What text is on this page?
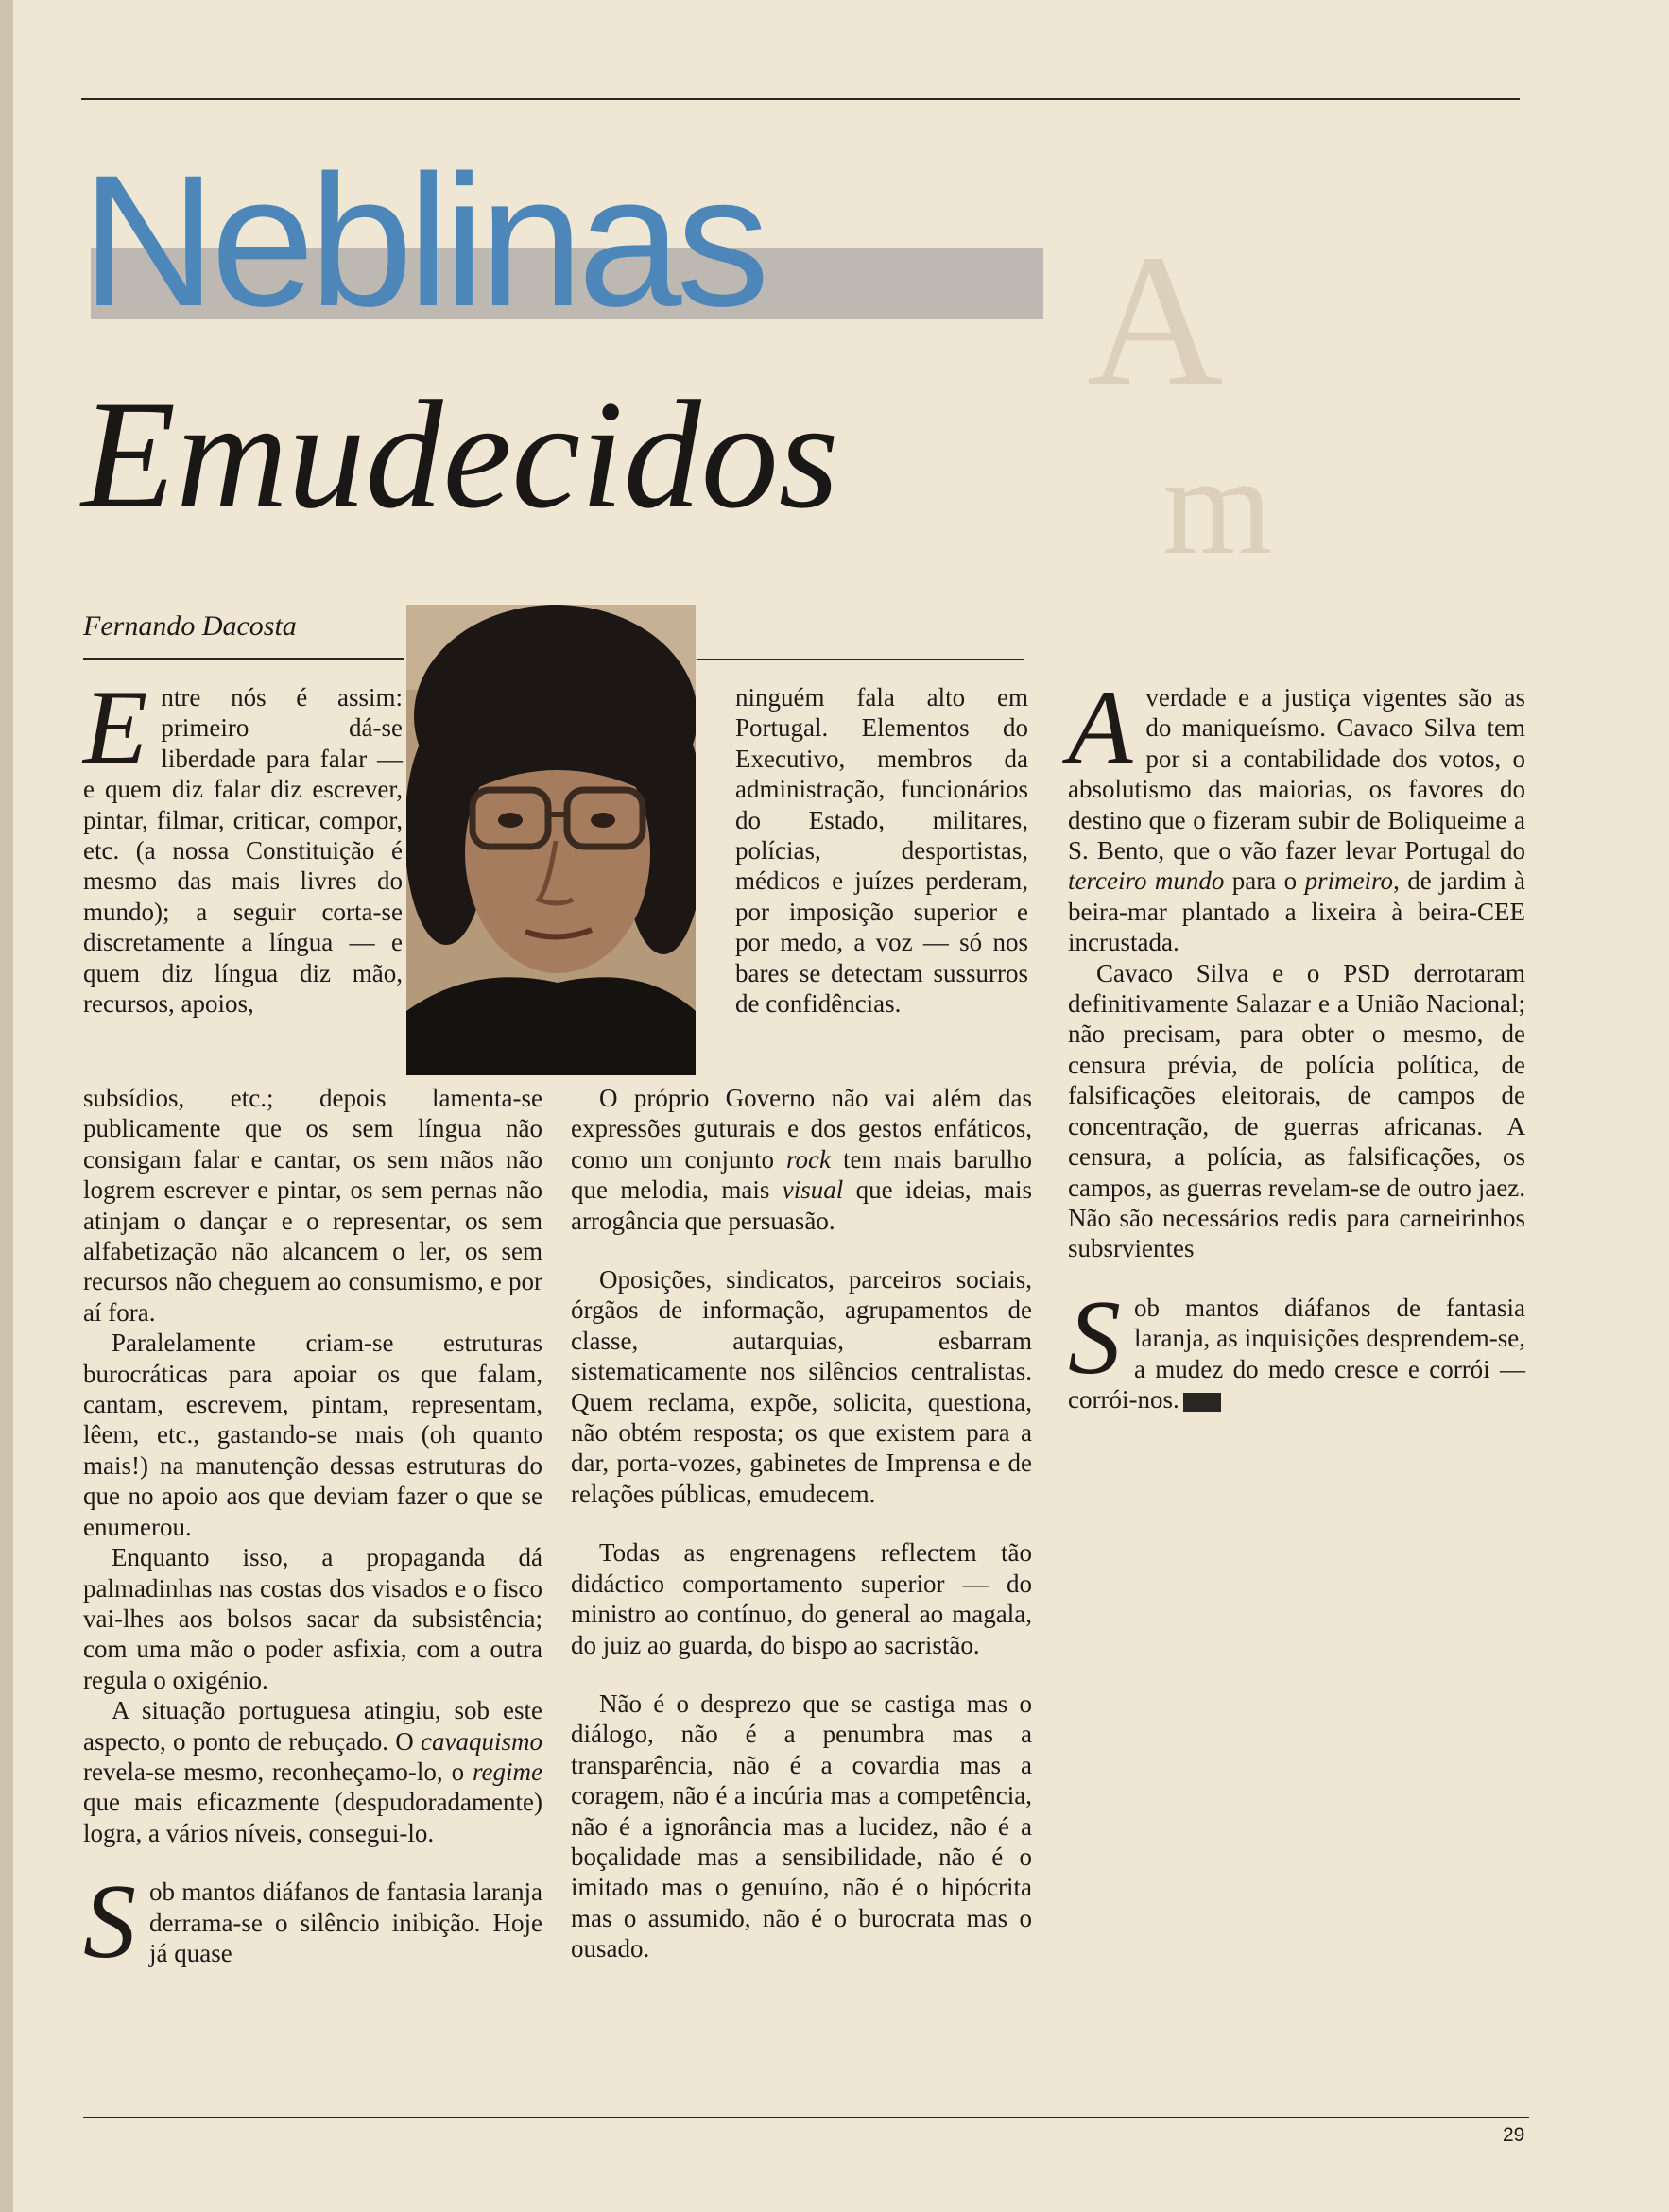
A
m
Neblinas
Emudecidos
Fernando Dacosta
E ntre nós é assim: primeiro dá-se liberdade para falar — e quem diz falar diz escrever, pintar, filmar, criticar, compor, etc. (a nossa Constituição é mesmo das mais livres do mundo); a seguir corta-se discretamente a língua — e quem diz língua diz mão, recursos, apoios,

subsídios, etc.; depois lamenta-se publicamente que os sem língua não consigam falar e cantar, os sem mãos não logrem escrever e pintar, os sem pernas não atinjam o dançar e o representar, os sem alfabetização não alcancem o ler, os sem recursos não cheguem ao consumismo, e por aí fora.

Paralelamente criam-se estruturas burocráticas para apoiar os que falam, cantam, escrevem, pintam, representam, lêem, etc., gastando-se mais (oh quanto mais!) na manutenção dessas estruturas do que no apoio aos que deviam fazer o que se enumerou.

Enquanto isso, a propaganda dá palmadinhas nas costas dos visados e o fisco vai-lhes aos bolsos sacar da subsistência; com uma mão o poder asfixia, com a outra regula o oxigénio.

A situação portuguesa atingiu, sob este aspecto, o ponto de rebuçado. O cavaquismo revela-se mesmo, reconheçamo-lo, o regime que mais eficazmente (despudoradamente) logra, a vários níveis, consegui-lo.

Sob mantos diáfanos de fantasia laranja derrama-se o silêncio inibição. Hoje já quase

ninguém fala alto em Portugal. Elementos do Executivo, membros da administração, funcionários do Estado, militares, polícias, desportistas, médicos e juízes perderam, por imposição superior e por medo, a voz — só nos bares se detectam sussurros de confidências.

O próprio Governo não vai além das expressões guturais e dos gestos enfáticos, como um conjunto rock tem mais barulho que melodia, mais visual que ideias, mais arrogância que persuasão.

Oposições, sindicatos, parceiros sociais, órgãos de informação, agrupamentos de classe, autarquias, esbarram sistematicamente nos silêncios centralistas. Quem reclama, expõe, solicita, questiona, não obtém resposta; os que existem para a dar, porta-vozes, gabinetes de Imprensa e de relações públicas, emudecem.

Todas as engrenagens reflectem tão didáctico comportamento superior — do ministro ao contínuo, do general ao magala, do juiz ao guarda, do bispo ao sacristão.

Não é o desprezo que se castiga mas o diálogo, não é a penumbra mas a transparência, não é a covardia mas a coragem, não é a incúria mas a competência, não é a ignorância mas a lucidez, não é a boçalidade mas a sensibilidade, não é o imitado mas o genuíno, não é o hipócrita mas o assumido, não é o burocrata mas o ousado.

A verdade e a justiça vigentes são as do maniqueísmo. Cavaco Silva tem por si a contabilidade dos votos, o absolutismo das maiorias, os favores do destino que o fizeram subir de Boliqueime a S. Bento, que o vão fazer levar Portugal do terceiro mundo para o primeiro, de jardim à beira-mar plantado a lixeira à beira-CEE incrustada.

Cavaco Silva e o PSD derrotaram definitivamente Salazar e a União Nacional; não precisam, para obter o mesmo, de censura prévia, de polícia política, de falsificações eleitorais, de campos de concentração, de guerras africanas. A censura, a polícia, as falsificações, os campos, as guerras revelam-se de outro jaez. Não são necessários redis para carneirinhos subsrvientes

Sob mantos diáfanos de fantasia laranja, as inquisições desprendem-se, a mudez do medo cresce e corrói — corrói-nos.

29
